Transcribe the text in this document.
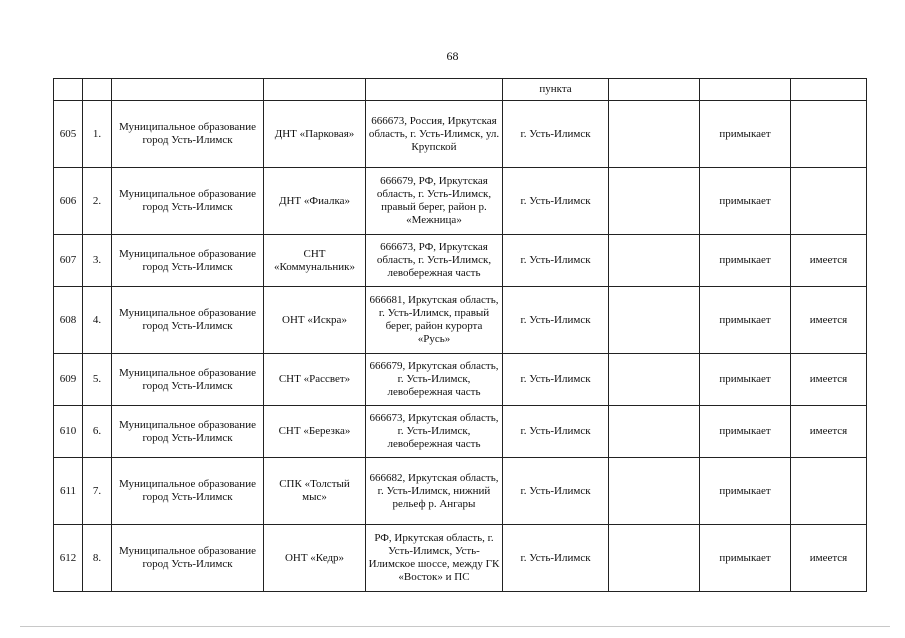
68
					пункта			
605	1.	Муниципальное образование город Усть-Илимск	ДНТ «Парковая»	666673, Россия, Иркутская область, г. Усть-Илимск, ул. Крупской	г. Усть-Илимск		примыкает	
606	2.	Муниципальное образование город Усть-Илимск	ДНТ «Фиалка»	666679, РФ, Иркутская область, г. Усть-Илимск, правый берег, район р. «Межница»	г. Усть-Илимск		примыкает	
607	3.	Муниципальное образование город Усть-Илимск	СНТ «Коммунальник»	666673, РФ, Иркутская область, г. Усть-Илимск, левобережная часть	г. Усть-Илимск		примыкает	имеется
608	4.	Муниципальное образование город Усть-Илимск	ОНТ «Искра»	666681, Иркутская область, г. Усть-Илимск, правый берег, район курорта «Русь»	г. Усть-Илимск		примыкает	имеется
609	5.	Муниципальное образование город Усть-Илимск	СНТ «Рассвет»	666679, Иркутская область, г. Усть-Илимск, левобережная часть	г. Усть-Илимск		примыкает	имеется
610	6.	Муниципальное образование город Усть-Илимск	СНТ «Березка»	666673, Иркутская область, г. Усть-Илимск, левобережная часть	г. Усть-Илимск		примыкает	имеется
611	7.	Муниципальное образование город Усть-Илимск	СПК «Толстый мыс»	666682, Иркутская область, г. Усть-Илимск, нижний рельеф р. Ангары	г. Усть-Илимск		примыкает	
612	8.	Муниципальное образование город Усть-Илимск	ОНТ «Кедр»	РФ, Иркутская область, г. Усть-Илимск, Усть-Илимское шоссе, между ГК «Восток» и ПС	г. Усть-Илимск		примыкает	имеется
